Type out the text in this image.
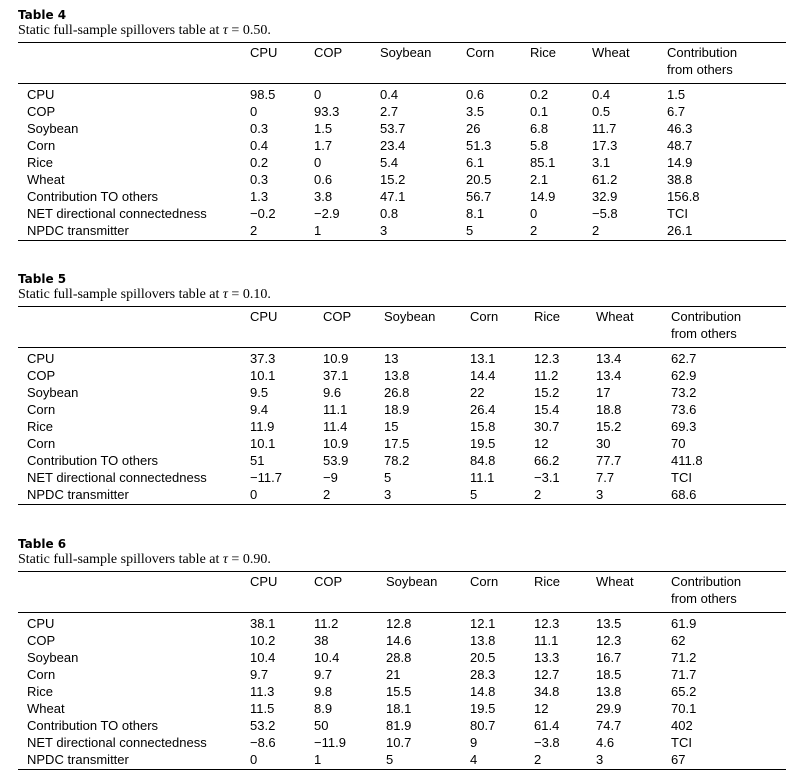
Table 4
Static full-sample spillovers table at τ = 0.50.
	CPU	COP	Soybean	Corn	Rice	Wheat	Contribution
							from others
CPU	98.5	0	0.4	0.6	0.2	0.4	1.5
COP	0	93.3	2.7	3.5	0.1	0.5	6.7
Soybean	0.3	1.5	53.7	26	6.8	11.7	46.3
Corn	0.4	1.7	23.4	51.3	5.8	17.3	48.7
Rice	0.2	0	5.4	6.1	85.1	3.1	14.9
Wheat	0.3	0.6	15.2	20.5	2.1	61.2	38.8
Contribution TO others	1.3	3.8	47.1	56.7	14.9	32.9	156.8
NET directional connectedness	−0.2	−2.9	0.8	8.1	0	−5.8	TCI
NPDC transmitter	2	1	3	5	2	2	26.1
Table 5
Static full-sample spillovers table at τ = 0.10.
	CPU	COP	Soybean	Corn	Rice	Wheat	Contribution
							from others
CPU	37.3	10.9	13	13.1	12.3	13.4	62.7
COP	10.1	37.1	13.8	14.4	11.2	13.4	62.9
Soybean	9.5	9.6	26.8	22	15.2	17	73.2
Corn	9.4	11.1	18.9	26.4	15.4	18.8	73.6
Rice	11.9	11.4	15	15.8	30.7	15.2	69.3
Corn	10.1	10.9	17.5	19.5	12	30	70
Contribution TO others	51	53.9	78.2	84.8	66.2	77.7	411.8
NET directional connectedness	−11.7	−9	5	11.1	−3.1	7.7	TCI
NPDC transmitter	0	2	3	5	2	3	68.6
Table 6
Static full-sample spillovers table at τ = 0.90.
	CPU	COP	Soybean	Corn	Rice	Wheat	Contribution
							from others
CPU	38.1	11.2	12.8	12.1	12.3	13.5	61.9
COP	10.2	38	14.6	13.8	11.1	12.3	62
Soybean	10.4	10.4	28.8	20.5	13.3	16.7	71.2
Corn	9.7	9.7	21	28.3	12.7	18.5	71.7
Rice	11.3	9.8	15.5	14.8	34.8	13.8	65.2
Wheat	11.5	8.9	18.1	19.5	12	29.9	70.1
Contribution TO others	53.2	50	81.9	80.7	61.4	74.7	402
NET directional connectedness	−8.6	−11.9	10.7	9	−3.8	4.6	TCI
NPDC transmitter	0	1	5	4	2	3	67
